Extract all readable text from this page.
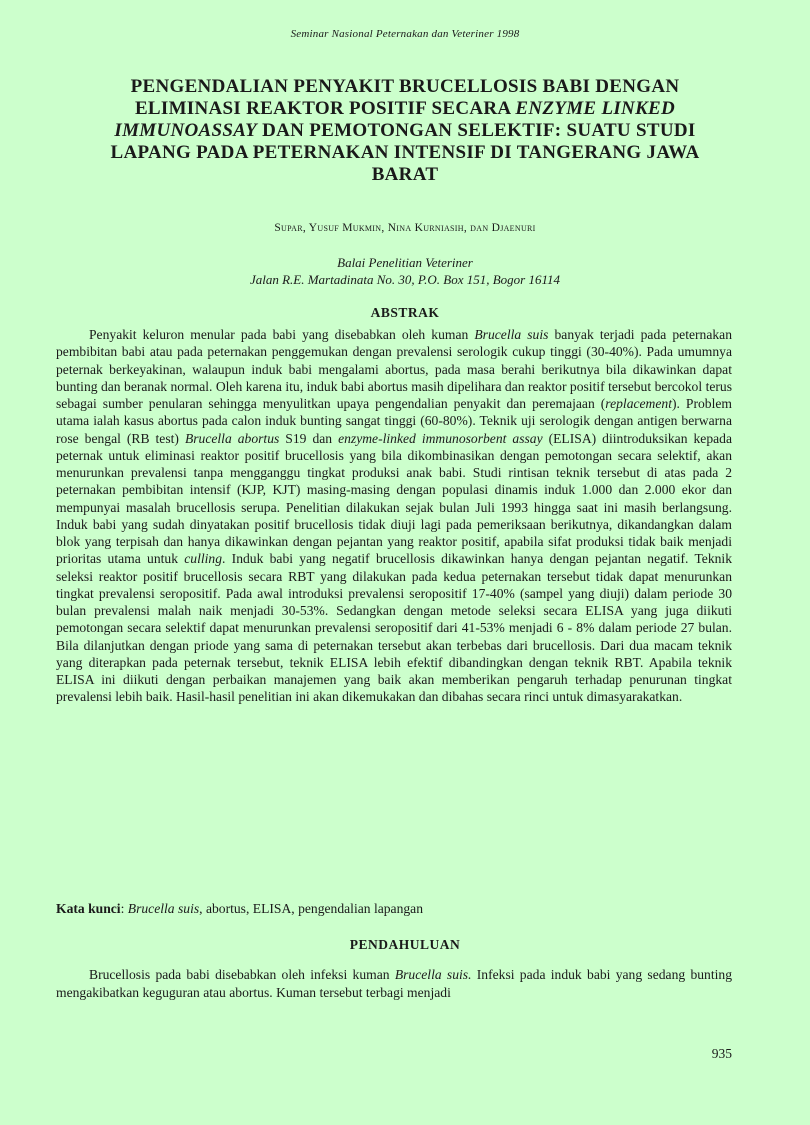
Seminar Nasional Peternakan dan Veteriner 1998
PENGENDALIAN PENYAKIT BRUCELLOSIS BABI DENGAN ELIMINASI REAKTOR POSITIF SECARA ENZYME LINKED IMMUNOASSAY DAN PEMOTONGAN SELEKTIF: SUATU STUDI LAPANG PADA PETERNAKAN INTENSIF DI TANGERANG JAWA BARAT
Supar, Yusuf Mukmin, Nina Kurniasih, dan Djaenuri
Balai Penelitian Veteriner
Jalan R.E. Martadinata No. 30, P.O. Box 151, Bogor 16114
ABSTRAK

Penyakit keluron menular pada babi yang disebabkan oleh kuman Brucella suis banyak terjadi pada peternakan pembibitan babi atau pada peternakan penggemukan dengan prevalensi serologik cukup tinggi (30-40%). Pada umumnya peternak berkeyakinan, walaupun induk babi mengalami abortus, pada masa berahi berikutnya bila dikawinkan dapat bunting dan beranak normal. Oleh karena itu, induk babi abortus masih dipelihara dan reaktor positif tersebut bercokol terus sebagai sumber penularan sehingga menyulitkan upaya pengendalian penyakit dan peremajaan (replacement). Problem utama ialah kasus abortus pada calon induk bunting sangat tinggi (60-80%). Teknik uji serologik dengan antigen berwarna rose bengal (RB test) Brucella abortus S19 dan enzyme-linked immunosorbent assay (ELISA) diintroduksikan kepada peternak untuk eliminasi reaktor positif brucellosis yang bila dikombinasikan dengan pemotongan secara selektif, akan menurunkan prevalensi tanpa mengganggu tingkat produksi anak babi. Studi rintisan teknik tersebut di atas pada 2 peternakan pembibitan intensif (KJP, KJT) masing-masing dengan populasi dinamis induk 1.000 dan 2.000 ekor dan mempunyai masalah brucellosis serupa. Penelitian dilakukan sejak bulan Juli 1993 hingga saat ini masih berlangsung. Induk babi yang sudah dinyatakan positif brucellosis tidak diuji lagi pada pemeriksaan berikutnya, dikandangkan dalam blok yang terpisah dan hanya dikawinkan dengan pejantan yang reaktor positif, apabila sifat produksi tidak baik menjadi prioritas utama untuk culling. Induk babi yang negatif brucellosis dikawinkan hanya dengan pejantan negatif. Teknik seleksi reaktor positif brucellosis secara RBT yang dilakukan pada kedua peternakan tersebut tidak dapat menurunkan tingkat prevalensi seropositif. Pada awal introduksi prevalensi seropositif 17-40% (sampel yang diuji) dalam periode 30 bulan prevalensi malah naik menjadi 30-53%. Sedangkan dengan metode seleksi secara ELISA yang juga diikuti pemotongan secara selektif dapat menurunkan prevalensi seropositif dari 41-53% menjadi 6 - 8% dalam periode 27 bulan. Bila dilanjutkan dengan priode yang sama di peternakan tersebut akan terbebas dari brucellosis. Dari dua macam teknik yang diterapkan pada peternak tersebut, teknik ELISA lebih efektif dibandingkan dengan teknik RBT. Apabila teknik ELISA ini diikuti dengan perbaikan manajemen yang baik akan memberikan pengaruh terhadap penurunan tingkat prevalensi lebih baik. Hasil-hasil penelitian ini akan dikemukakan dan dibahas secara rinci untuk dimasyarakatkan.

Kata kunci: Brucella suis, abortus, ELISA, pengendalian lapangan
PENDAHULUAN

Brucellosis pada babi disebabkan oleh infeksi kuman Brucella suis. Infeksi pada induk babi yang sedang bunting mengakibatkan keguguran atau abortus. Kuman tersebut terbagi menjadi

935
